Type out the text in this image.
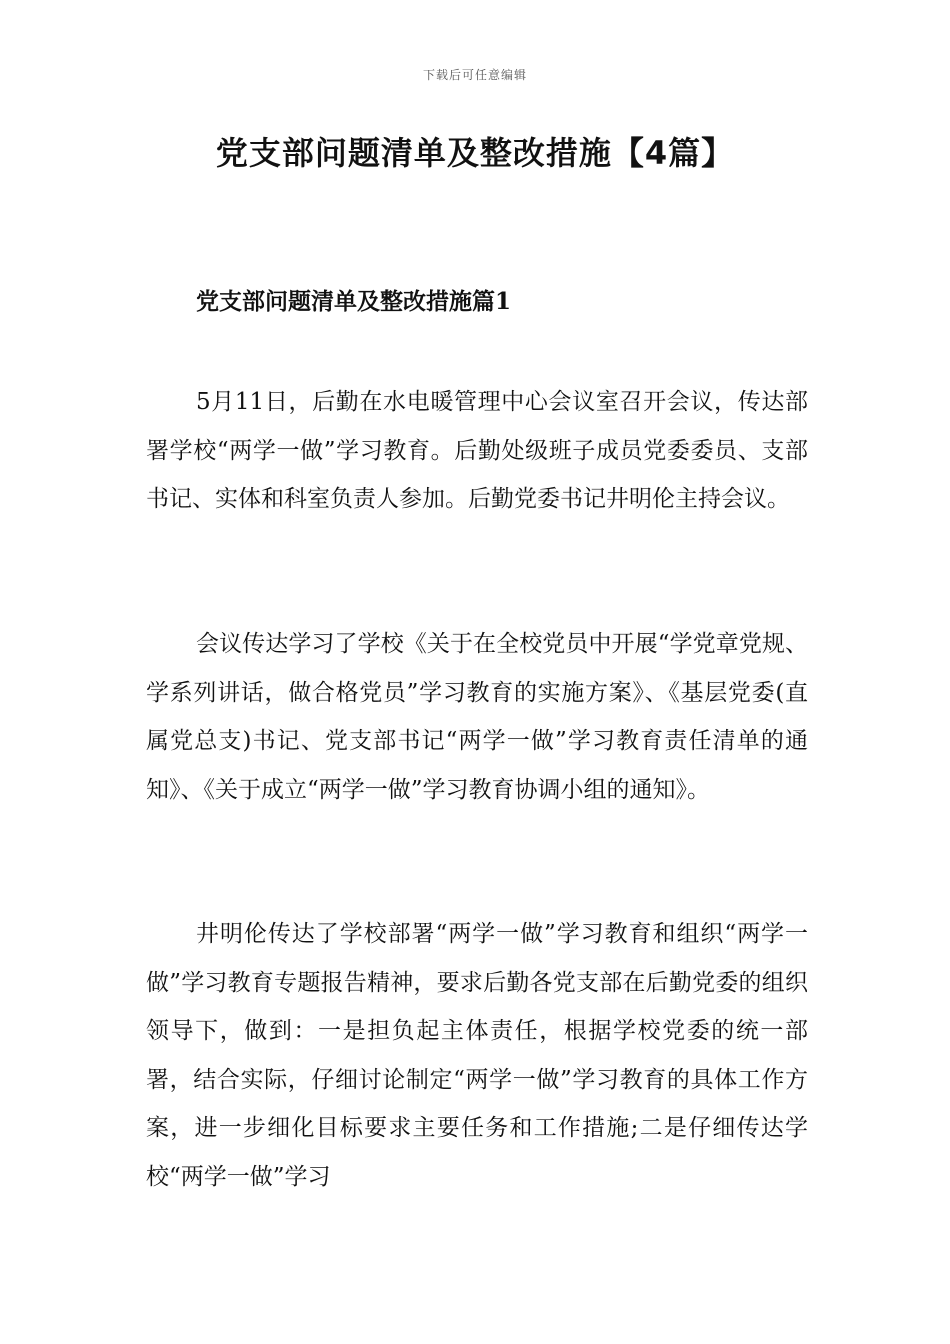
下载后可任意编辑
党支部问题清单及整改措施【4篇】
党支部问题清单及整改措施篇1

5月11日，后勤在水电暖管理中心会议室召开会议，传达部署学校“两学一做”学习教育。后勤处级班子成员党委委员、支部书记、实体和科室负责人参加。后勤党委书记井明伦主持会议。

会议传达学习了学校《关于在全校党员中开展“学党章党规、学系列讲话，做合格党员”学习教育的实施方案》、《基层党委(直属党总支)书记、党支部书记“两学一做”学习教育责任清单的通知》、《关于成立“两学一做”学习教育协调小组的通知》。

井明伦传达了学校部署“两学一做”学习教育和组织“两学一做”学习教育专题报告精神，要求后勤各党支部在后勤党委的组织领导下，做到：一是担负起主体责任，根据学校党委的统一部署，结合实际，仔细讨论制定“两学一做”学习教育的具体工作方案，进一步细化目标要求主要任务和工作措施;二是仔细传达学校“两学一做”学习
